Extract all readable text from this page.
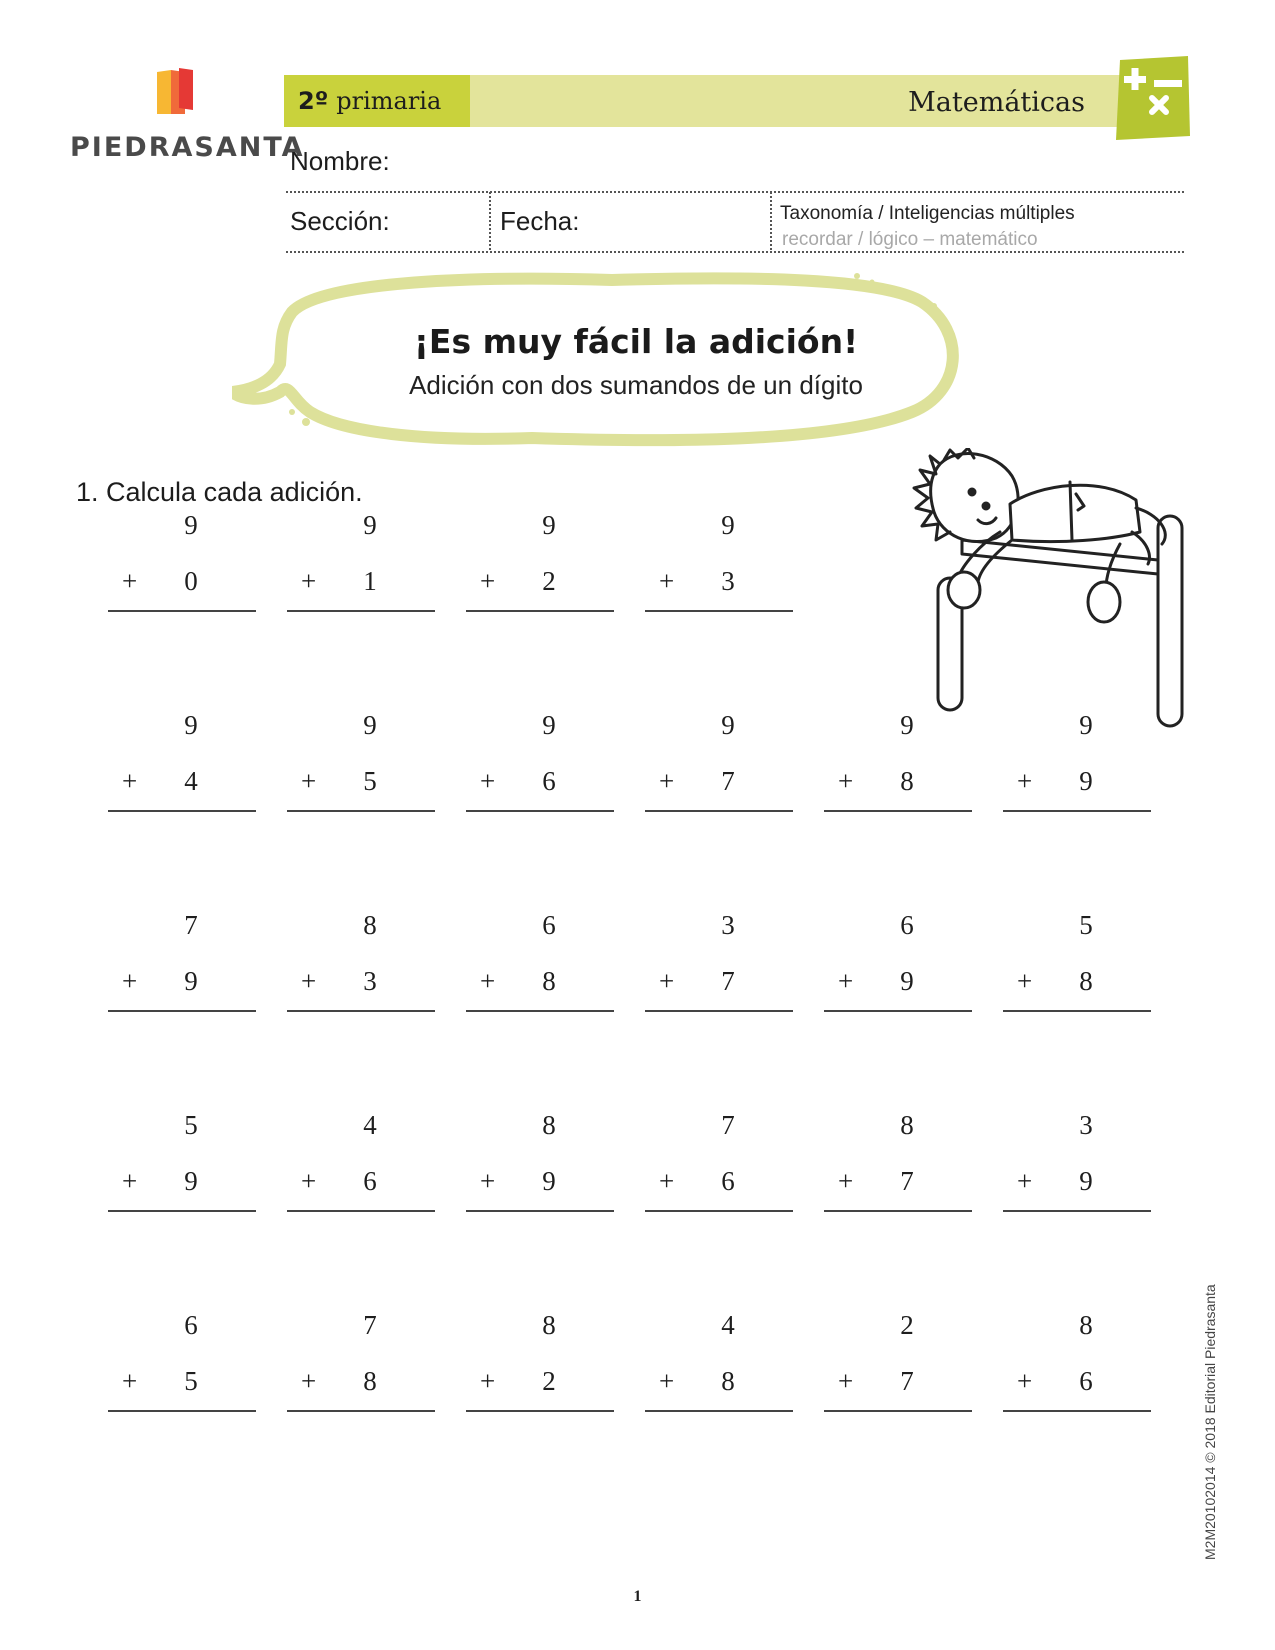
PIEDRASANTA
2º primaria	Matemáticas
Nombre:
Sección:	Fecha:	Taxonomía / Inteligencias múltiples
recordar / lógico – matemático
¡Es muy fácil la adición!
Adición con dos sumandos de un dígito
1. Calcula cada adición.
9
+	0
9
+	1
9
+	2
9
+	3
9
+	4
9
+	5
9
+	6
9
+	7
9
+	8
9
+	9
7
+	9
8
+	3
6
+	8
3
+	7
6
+	9
5
+	8
5
+	9
4
+	6
8
+	9
7
+	6
8
+	7
3
+	9
6
+	5
7
+	8
8
+	2
4
+	8
2
+	7
8
+	6	M2M20102014 © 2018 Editorial Piedrasanta
1
